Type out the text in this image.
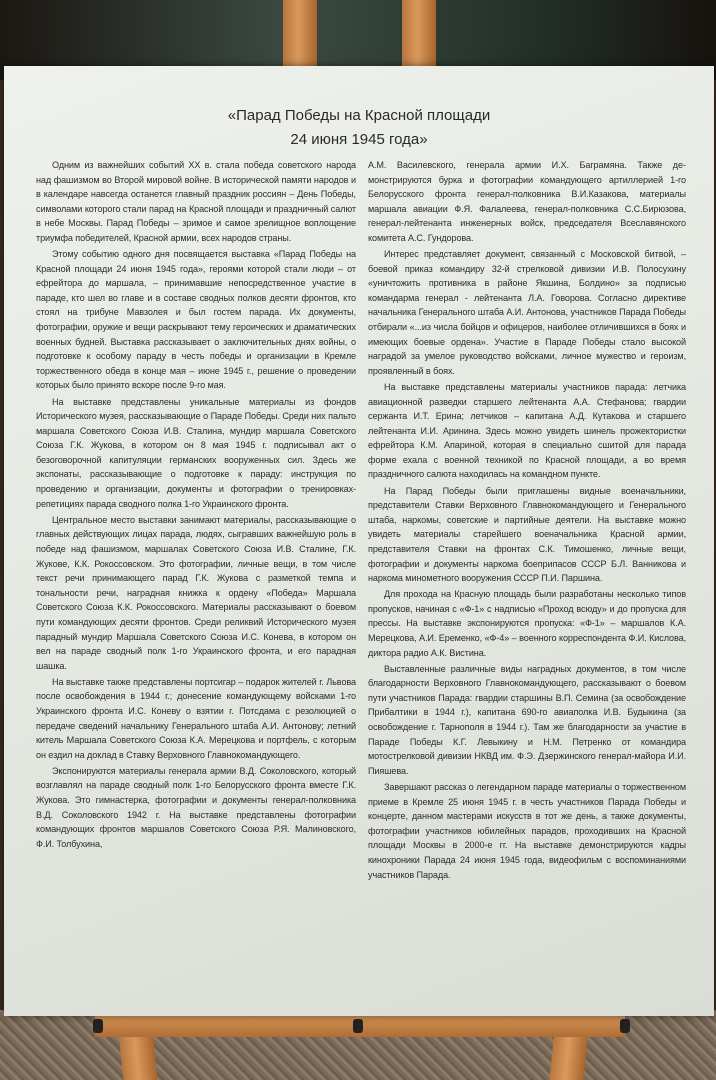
«Парад Победы на Красной площади
24 июня 1945 года»

Одним из важнейших событий XX в. стала победа советского народа над фашизмом во Второй мировой войне. В исторической памяти народов и в календаре навсегда останется главный праздник россиян – День Победы, символами которого стали парад на Красной площади и праздничный салют в небе Москвы. Парад Победы – зримое и самое зрелищное воплощение триумфа победителей, Красной армии, всех народов страны.

Этому событию одного дня посвящается выставка «Парад Победы на Красной площади 24 июня 1945 года», героями которой стали люди – от ефрейтора до маршала, – принимавшие непосредственное участие в параде, кто шел во главе и в составе сводных полков десяти фронтов, кто стоял на трибуне Мавзолея и был гостем парада. Их документы, фотографии, оружие и вещи раскрывают тему героических и драматических военных будней. Выставка рассказывает о заключительных днях войны, о подготовке к особому параду в честь победы и организации в Кремле торжественного обеда в конце мая – июне 1945 г., решение о проведении которых было принято вскоре после 9-го мая.

На выставке представлены уникальные материалы из фондов Исторического музея, рассказывающие о Параде Победы. Среди них пальто маршала Советского Союза И.В. Сталина, мундир маршала Советского Союза Г.К. Жукова, в котором он 8 мая 1945 г. подписывал акт о безоговорочной капитуляции германских вооруженных сил. Здесь же экспонаты, рассказывающие о подготовке к параду: инструкция по проведению и организации, документы и фотографии о тренировках-репетициях парада сводного полка 1-го Украинского фронта.

Центральное место выставки занимают материалы, рассказывающие о главных действующих лицах парада, людях, сыгравших важнейшую роль в победе над фашизмом, маршалах Советского Союза И.В. Сталине, Г.К. Жукове, К.К. Рокоссовском. Это фотографии, личные вещи, в том числе текст речи принимающего парад Г.К. Жукова с разметкой темпа и тональности речи, наградная книжка к ордену «Победа» Маршала Советского Союза К.К. Рокоссовского. Материалы рассказывают о боевом пути командующих десяти фронтов. Среди реликвий Исторического музея парадный мундир Маршала Советского Союза И.С. Конева, в котором он вел на параде сводный полк 1-го Украинского фронта, и его парадная шашка.

На выставке также представлены портсигар – подарок жителей г. Львова после освобождения в 1944 г.; донесение командующему войсками 1-го Украинского фронта И.С. Коневу о взятии г. Потсдама с резолюцией о передаче сведений начальнику Генерального штаба А.И. Антонову; летний китель Маршала Советского Союза К.А. Мерецкова и портфель, с которым он ездил на доклад в Ставку Верховного Главнокомандующего.

Экспонируются материалы генерала армии В.Д. Соколовского, который возглавлял на параде сводный полк 1-го Белорусского фронта вместе Г.К. Жукова. Это гимнастерка, фотографии и документы генерал-полковника В.Д. Соколовского 1942 г. На выставке представлены фотографии командующих фронтов маршалов Советского Союза Р.Я. Малиновского, Ф.И. Толбухина,

А.М. Василевского, генерала армии И.Х. Баграмяна. Также демонстрируются бурка и фотографии командующего артиллерией 1-го Белорусского фронта генерал-полковника В.И.Казакова, материалы маршала авиации Ф.Я. Фалалеева, генерал-полковника С.С.Бирюзова, генерал-лейтенанта инженерных войск, председателя Всеславянского комитета А.С. Гундорова.

Интерес представляет документ, связанный с Московской битвой, – боевой приказ командиру 32-й стрелковой дивизии И.В. Полосухину «уничтожить противника в районе Якшина, Болдино» за подписью командарма генерал - лейтенанта Л.А. Говорова. Согласно директиве начальника Генерального штаба А.И. Антонова, участников Парада Победы отбирали «...из числа бойцов и офицеров, наиболее отличившихся в боях и имеющих боевые ордена». Участие в Параде Победы стало высокой наградой за умелое руководство войсками, личное мужество и героизм, проявленный в боях.

На выставке представлены материалы участников парада: летчика авиационной разведки старшего лейтенанта А.А. Стефанова; гвардии сержанта И.Т. Ерина; летчиков – капитана А.Д. Кутакова и старшего лейтенанта И.И. Аринина. Здесь можно увидеть шинель прожектористки ефрейтора К.М. Апариной, которая в специально сшитой для парада форме ехала с военной техникой по Красной площади, а во время праздничного салюта находилась на командном пункте.

На Парад Победы были приглашены видные военачальники, представители Ставки Верховного Главнокомандующего и Генерального штаба, наркомы, советские и партийные деятели. На выставке можно увидеть материалы старейшего военачальника Красной армии, представителя Ставки на фронтах С.К. Тимошенко, личные вещи, фотографии и документы наркома боеприпасов СССР Б.Л. Ванникова и наркома минометного вооружения СССР П.И. Паршина.

Для прохода на Красную площадь были разработаны несколько типов пропусков, начиная с «Ф-1» с надписью «Проход всюду» и до пропуска для прессы. На выставке экспонируются пропуска: «Ф-1» – маршалов К.А. Мерецкова, А.И. Еременко, «Ф-4» – военного корреспондента Ф.И. Кислова, диктора радио А.К. Вистина.

Выставленные различные виды наградных документов, в том числе благодарности Верховного Главнокомандующего, рассказывают о боевом пути участников Парада: гвардии старшины В.П. Семина (за освобождение Прибалтики в 1944 г.), капитана 690-го авиаполка И.В. Будыкина (за освобождение г. Тарнополя в 1944 г.). Там же благодарности за участие в Параде Победы К.Г. Левыкину и Н.М. Петренко от командира мотострелковой дивизии НКВД им. Ф.Э. Дзержинского генерал-майора И.И. Пияшева.

Завершают рассказ о легендарном параде материалы о торжественном приеме в Кремле 25 июня 1945 г. в честь участников Парада Победы и концерте, данном мастерами искусств в тот же день, а также документы, фотографии участников юбилейных парадов, проходивших на Красной площади Москвы в 2000-е гг. На выставке демонстрируются кадры кинохроники Парада 24 июня 1945 года, видеофильм с воспоминаниями участников Парада.
